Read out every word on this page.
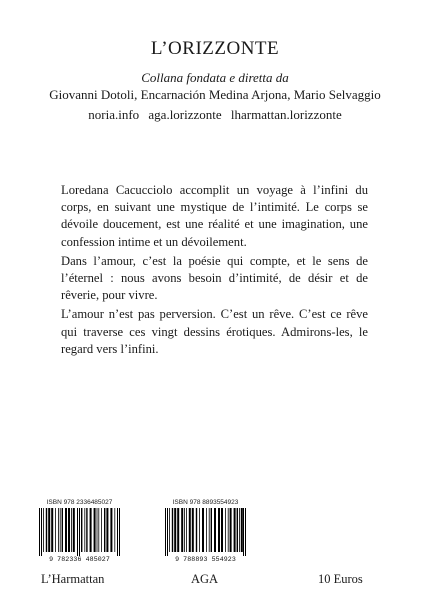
L’ORIZZONTE
Collana fondata e diretta da
Giovanni Dotoli, Encarnación Medina Arjona, Mario Selvaggio
noria.info aga.lorizzonte lharmattan.lorizzonte

Loredana Cacucciolo accomplit un voyage à l’infini du corps, en suivant une mystique de l’intimité. Le corps se dévoile doucement, est une réalité et une imagination, une confession intime et un dévoilement.

Dans l’amour, c’est la poésie qui compte, et le sens de l’éternel : nous avons besoin d’intimité, de désir et de rêverie, pour vivre.

L’amour n’est pas perversion. C’est un rêve. C’est ce rêve qui traverse ces vingt dessins érotiques. Admirons-les, le regard vers l’infini.

ISBN 978 2336485027
9 782336 485027
ISBN 978 8893554923
9 788893 554923
L’Harmattan	AGA	10 Euros
